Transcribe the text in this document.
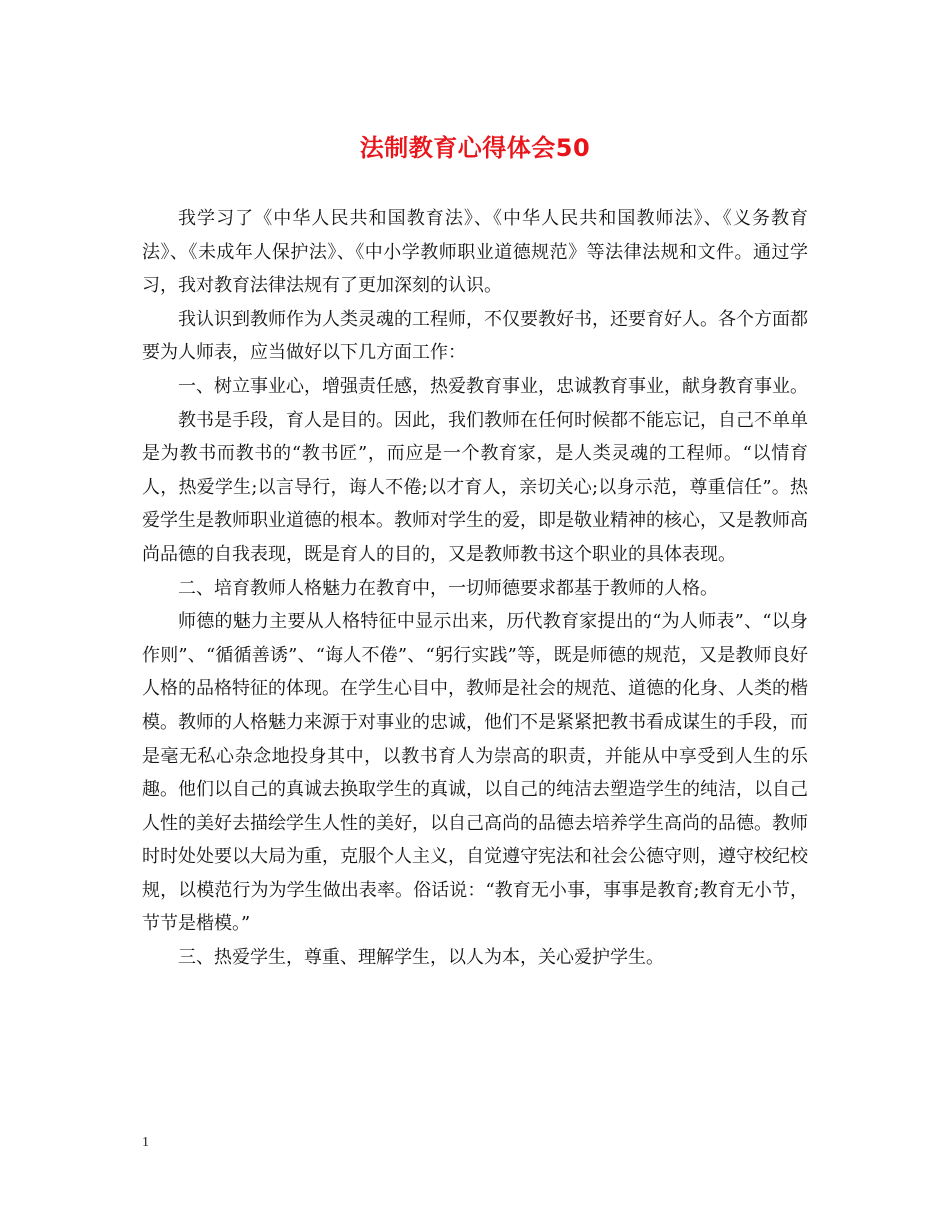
法制教育心得体会50

我学习了《中华人民共和国教育法》、《中华人民共和国教师法》、《义务教育法》、《未成年人保护法》、《中小学教师职业道德规范》等法律法规和文件。通过学习，我对教育法律法规有了更加深刻的认识。

我认识到教师作为人类灵魂的工程师，不仅要教好书，还要育好人。各个方面都要为人师表，应当做好以下几方面工作：

一、树立事业心，增强责任感，热爱教育事业，忠诚教育事业，献身教育事业。

教书是手段，育人是目的。因此，我们教师在任何时候都不能忘记，自己不单单是为教书而教书的“教书匠”，而应是一个教育家，是人类灵魂的工程师。“以情育人，热爱学生;以言导行，诲人不倦;以才育人，亲切关心;以身示范，尊重信任”。热爱学生是教师职业道德的根本。教师对学生的爱，即是敬业精神的核心，又是教师高尚品德的自我表现，既是育人的目的，又是教师教书这个职业的具体表现。

二、培育教师人格魅力在教育中，一切师德要求都基于教师的人格。

师德的魅力主要从人格特征中显示出来，历代教育家提出的“为人师表”、“以身作则”、“循循善诱”、“诲人不倦”、“躬行实践”等，既是师德的规范，又是教师良好人格的品格特征的体现。在学生心目中，教师是社会的规范、道德的化身、人类的楷模。教师的人格魅力来源于对事业的忠诚，他们不是紧紧把教书看成谋生的手段，而是毫无私心杂念地投身其中，以教书育人为崇高的职责，并能从中享受到人生的乐趣。他们以自己的真诚去换取学生的真诚，以自己的纯洁去塑造学生的纯洁，以自己人性的美好去描绘学生人性的美好，以自己高尚的品德去培养学生高尚的品德。教师时时处处要以大局为重，克服个人主义，自觉遵守宪法和社会公德守则，遵守校纪校规，以模范行为为学生做出表率。俗话说：“教育无小事，事事是教育;教育无小节，节节是楷模。”

三、热爱学生，尊重、理解学生，以人为本，关心爱护学生。

1
